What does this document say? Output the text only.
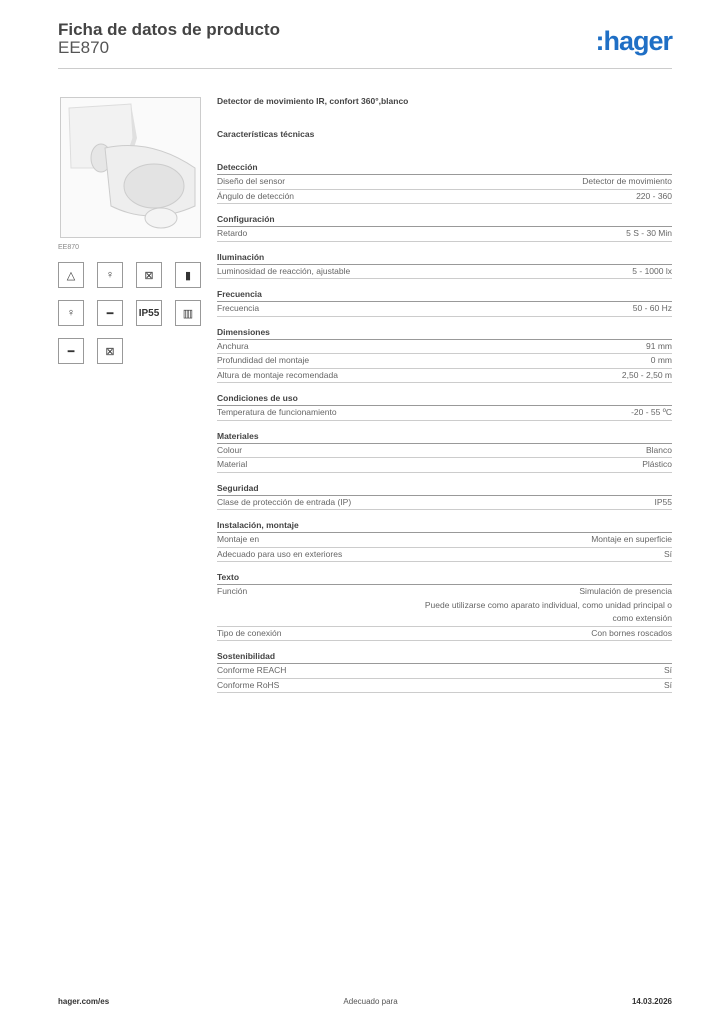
Ficha de datos de producto
EE870	:hager
EE870
△	♀	⊠	▮
♀	━	IP55	▥
━	⊠
Detector de movimiento IR, confort 360°,blanco
Características técnicas
Detección
Diseño del sensor	Detector de movimiento
Ángulo de detección	220 - 360
Configuración
Retardo	5 S - 30 Min
Iluminación
Luminosidad de reacción, ajustable	5 - 1000 lx
Frecuencia
Frecuencia	50 - 60 Hz
Dimensiones
Anchura	91 mm
Profundidad del montaje	0 mm
Altura de montaje recomendada	2,50 - 2,50 m
Condiciones de uso
Temperatura de funcionamiento	-20 - 55 ºC
Materiales
Colour	Blanco
Material	Plástico
Seguridad
Clase de protección de entrada (IP)	IP55
Instalación, montaje
Montaje en	Montaje en superficie
Adecuado para uso en exteriores	Sí
Texto
Función	Simulación de presencia
Puede utilizarse como aparato individual, como unidad principal o
como extensión
Tipo de conexión	Con bornes roscados
Sostenibilidad
Conforme REACH	Sí
Conforme RoHS	Sí
hager.com/es	Adecuado para	14.03.2026
